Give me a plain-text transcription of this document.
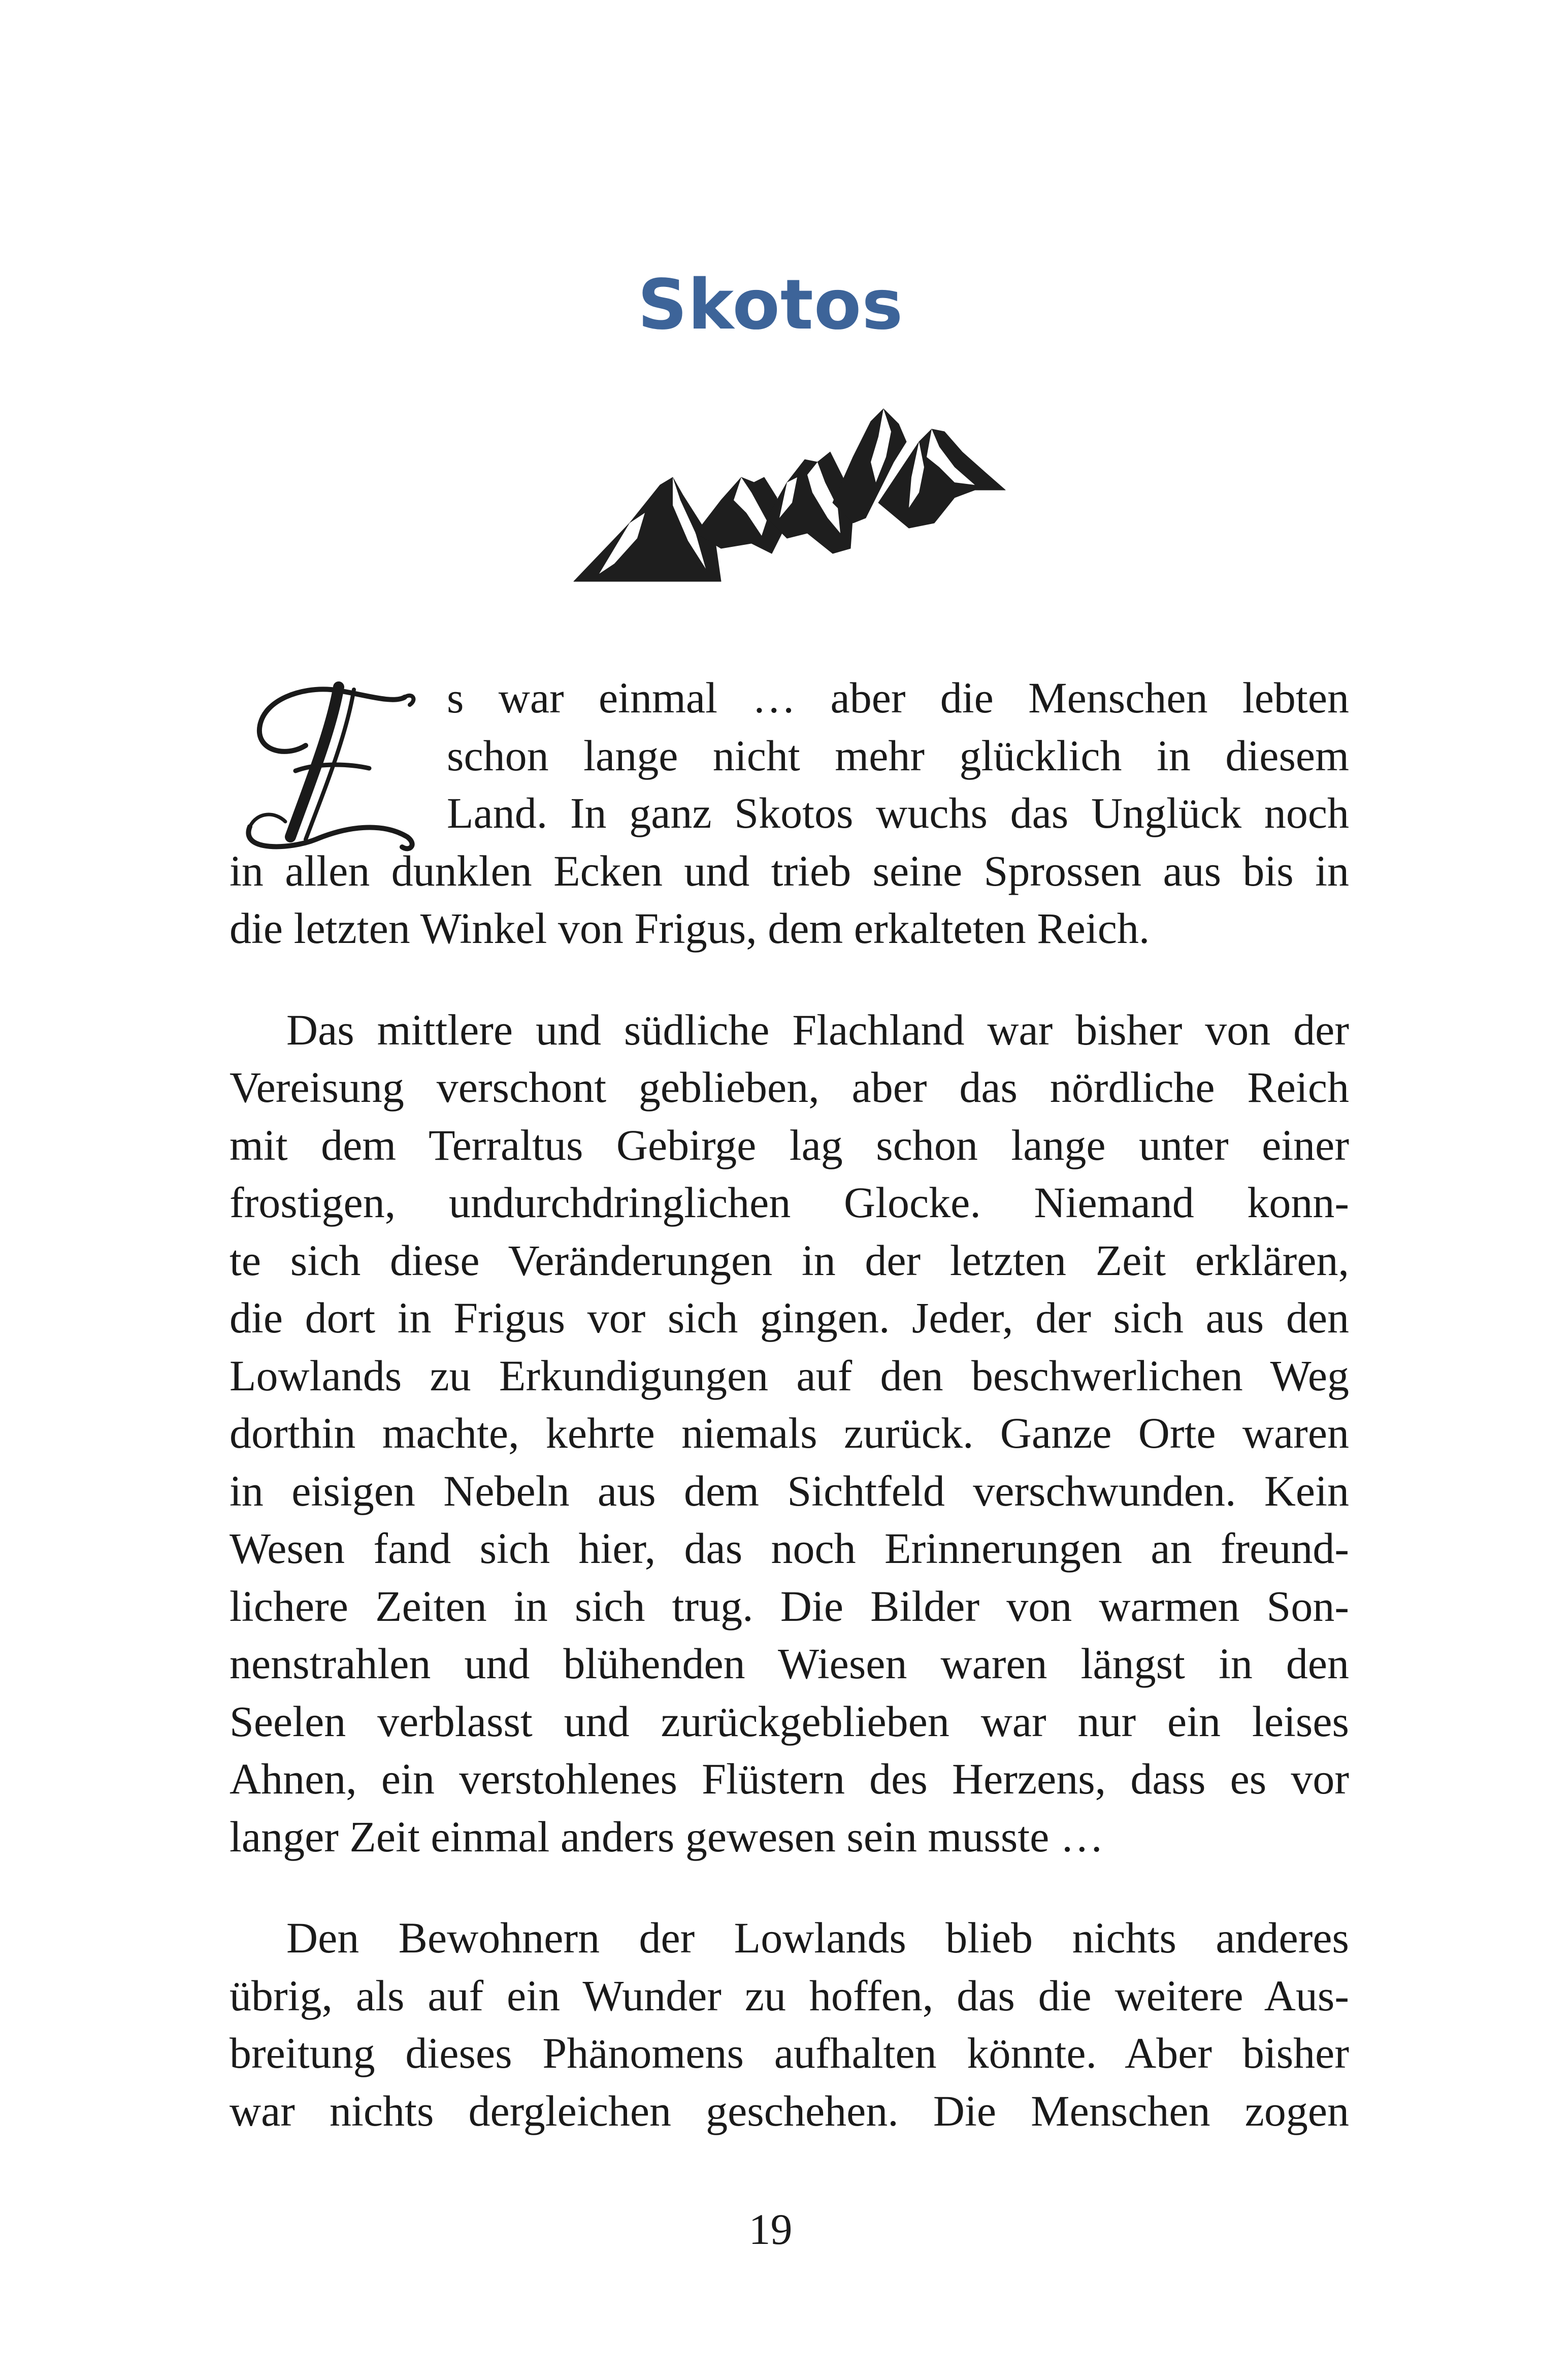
Skotos
s war einmal … aber die Menschen lebten
schon lange nicht mehr glücklich in diesem
Land. In ganz Skotos wuchs das Unglück noch
in allen dunklen Ecken und trieb seine Sprossen aus bis in
die letzten Winkel von Frigus, dem erkalteten Reich.
Das mittlere und südliche Flachland war bisher von der
Vereisung verschont geblieben, aber das nördliche Reich
mit dem Terraltus Gebirge lag schon lange unter einer
frostigen, undurchdringlichen Glocke. Niemand konn-
te sich diese Veränderungen in der letzten Zeit erklären,
die dort in Frigus vor sich gingen. Jeder, der sich aus den
Lowlands zu Erkundigungen auf den beschwerlichen Weg
dorthin machte, kehrte niemals zurück. Ganze Orte waren
in eisigen Nebeln aus dem Sichtfeld verschwunden. Kein
Wesen fand sich hier, das noch Erinnerungen an freund-
lichere Zeiten in sich trug. Die Bilder von warmen Son-
nenstrahlen und blühenden Wiesen waren längst in den
Seelen verblasst und zurückgeblieben war nur ein leises
Ahnen, ein verstohlenes Flüstern des Herzens, dass es vor
langer Zeit einmal anders gewesen sein musste …
Den Bewohnern der Lowlands blieb nichts anderes
übrig, als auf ein Wunder zu hoffen, das die weitere Aus-
breitung dieses Phänomens aufhalten könnte. Aber bisher
war nichts dergleichen geschehen. Die Menschen zogen
19
